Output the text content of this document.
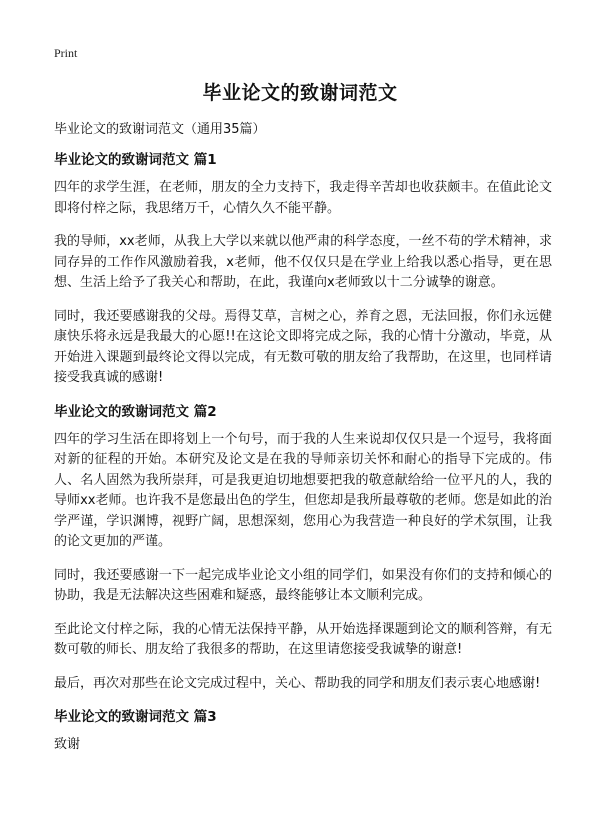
Print
毕业论文的致谢词范文

毕业论文的致谢词范文（通用35篇）

毕业论文的致谢词范文 篇1

四年的求学生涯，在老师，朋友的全力支持下，我走得辛苦却也收获颇丰。在值此论文即将付梓之际，我思绪万千，心情久久不能平静。

我的导师，xx老师，从我上大学以来就以他严肃的科学态度，一丝不苟的学术精神，求同存异的工作作风激励着我，x老师，他不仅仅只是在学业上给我以悉心指导，更在思想、生活上给予了我关心和帮助，在此，我谨向x老师致以十二分诚挚的谢意。

同时，我还要感谢我的父母。焉得艾草，言树之心，养育之恩，无法回报，你们永远健康快乐将永远是我最大的心愿!!在这论文即将完成之际，我的心情十分激动，毕竟，从开始进入课题到最终论文得以完成，有无数可敬的朋友给了我帮助，在这里，也同样请接受我真诚的感谢!

毕业论文的致谢词范文 篇2

四年的学习生活在即将划上一个句号，而于我的人生来说却仅仅只是一个逗号，我将面对新的征程的开始。本研究及论文是在我的导师亲切关怀和耐心的指导下完成的。伟人、名人固然为我所崇拜，可是我更迫切地想要把我的敬意献给给一位平凡的人，我的导师xx老师。也许我不是您最出色的学生，但您却是我所最尊敬的老师。您是如此的治学严谨，学识渊博，视野广阔，思想深刻，您用心为我营造一种良好的学术氛围，让我的论文更加的严谨。

同时，我还要感谢一下一起完成毕业论文小组的同学们，如果没有你们的支持和倾心的协助，我是无法解决这些困难和疑惑，最终能够让本文顺利完成。

至此论文付梓之际，我的心情无法保持平静，从开始选择课题到论文的顺利答辩，有无数可敬的师长、朋友给了我很多的帮助，在这里请您接受我诚挚的谢意!

最后，再次对那些在论文完成过程中，关心、帮助我的同学和朋友们表示衷心地感谢!

毕业论文的致谢词范文 篇3

致谢
